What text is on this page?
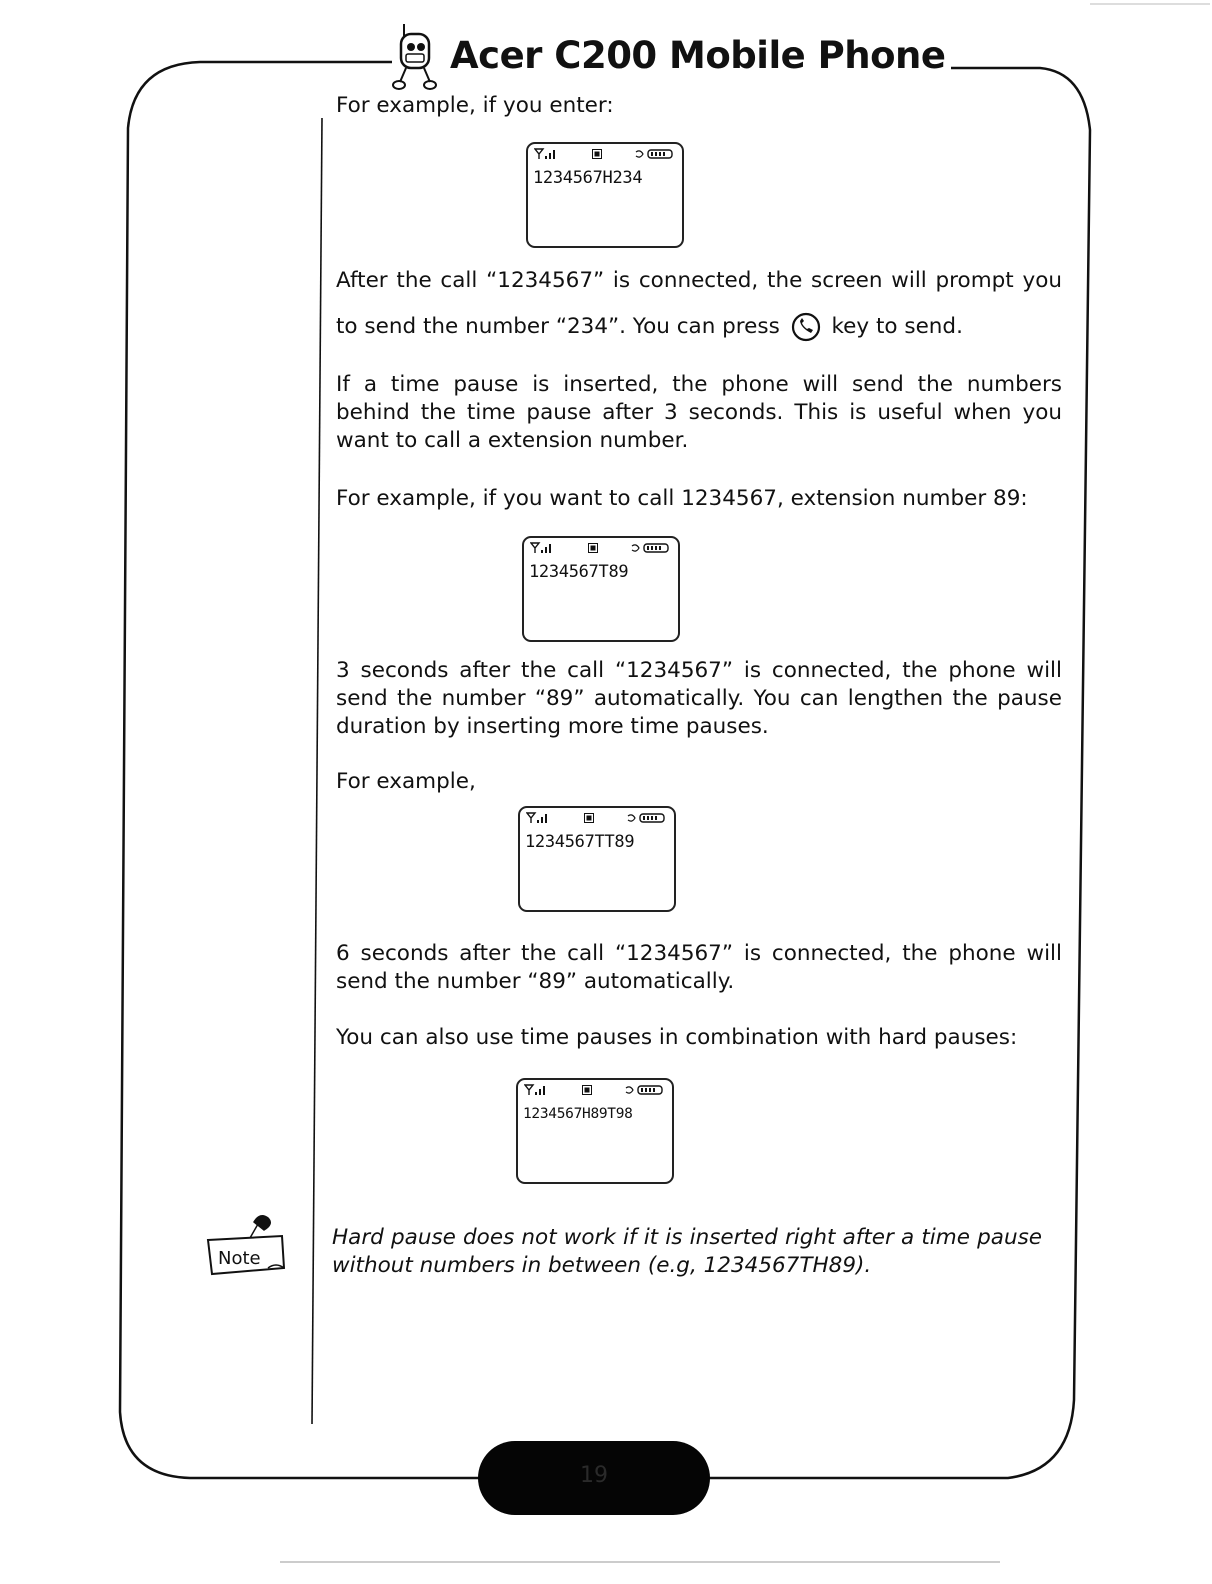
Acer C200 Mobile Phone

For example, if you enter:

1234567H234

After the call “1234567” is connected, the screen will prompt you to send the number “234”. You can press key to send.

If a time pause is inserted, the phone will send the numbers behind the time pause after 3 seconds. This is useful when you want to call a extension number.

For example, if you want to call 1234567, extension number 89:

1234567T89

3 seconds after the call “1234567” is connected, the phone will send the number “89” automatically. You can lengthen the pause duration by inserting more time pauses.

For example,

1234567TT89

6 seconds after the call “1234567” is connected, the phone will send the number “89” automatically.

You can also use time pauses in combination with hard pauses:

1234567H89T98
Note

Hard pause does not work if it is inserted right after a time pause without numbers in between (e.g, 1234567TH89).

19
